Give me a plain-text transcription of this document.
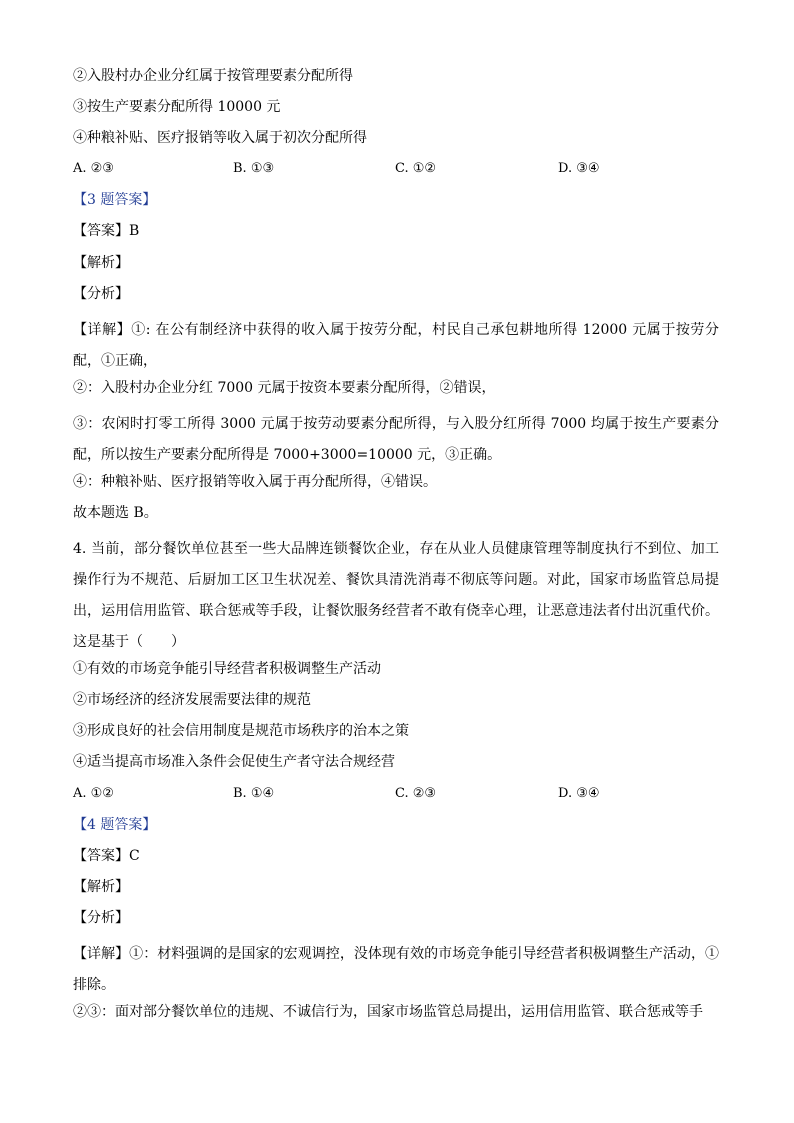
②入股村办企业分红属于按管理要素分配所得
③按生产要素分配所得 10000 元
④种粮补贴、医疗报销等收入属于初次分配所得
A. ②③	B. ①③	C. ①②	D. ③④
【3 题答案】
【答案】B
【解析】
【分析】
【详解】①: 在公有制经济中获得的收入属于按劳分配，村民自己承包耕地所得 12000 元属于按劳分配，①正确，
②：入股村办企业分红 7000 元属于按资本要素分配所得，②错误，
③：农闲时打零工所得 3000 元属于按劳动要素分配所得，与入股分红所得 7000 均属于按生产要素分配，所以按生产要素分配所得是 7000+3000=10000 元，③正确。
④：种粮补贴、医疗报销等收入属于再分配所得，④错误。
故本题选 B。
4. 当前，部分餐饮单位甚至一些大品牌连锁餐饮企业，存在从业人员健康管理等制度执行不到位、加工操作行为不规范、后厨加工区卫生状况差、餐饮具清洗消毒不彻底等问题。对此，国家市场监管总局提出，运用信用监管、联合惩戒等手段，让餐饮服务经营者不敢有侥幸心理，让恶意违法者付出沉重代价。这是基于（　　）
①有效的市场竞争能引导经营者积极调整生产活动
②市场经济的经济发展需要法律的规范
③形成良好的社会信用制度是规范市场秩序的治本之策
④适当提高市场准入条件会促使生产者守法合规经营
A. ①②	B. ①④	C. ②③	D. ③④
【4 题答案】
【答案】C
【解析】
【分析】
【详解】①：材料强调的是国家的宏观调控，没体现有效的市场竞争能引导经营者积极调整生产活动，①排除。
②③：面对部分餐饮单位的违规、不诚信行为，国家市场监管总局提出，运用信用监管、联合惩戒等手
